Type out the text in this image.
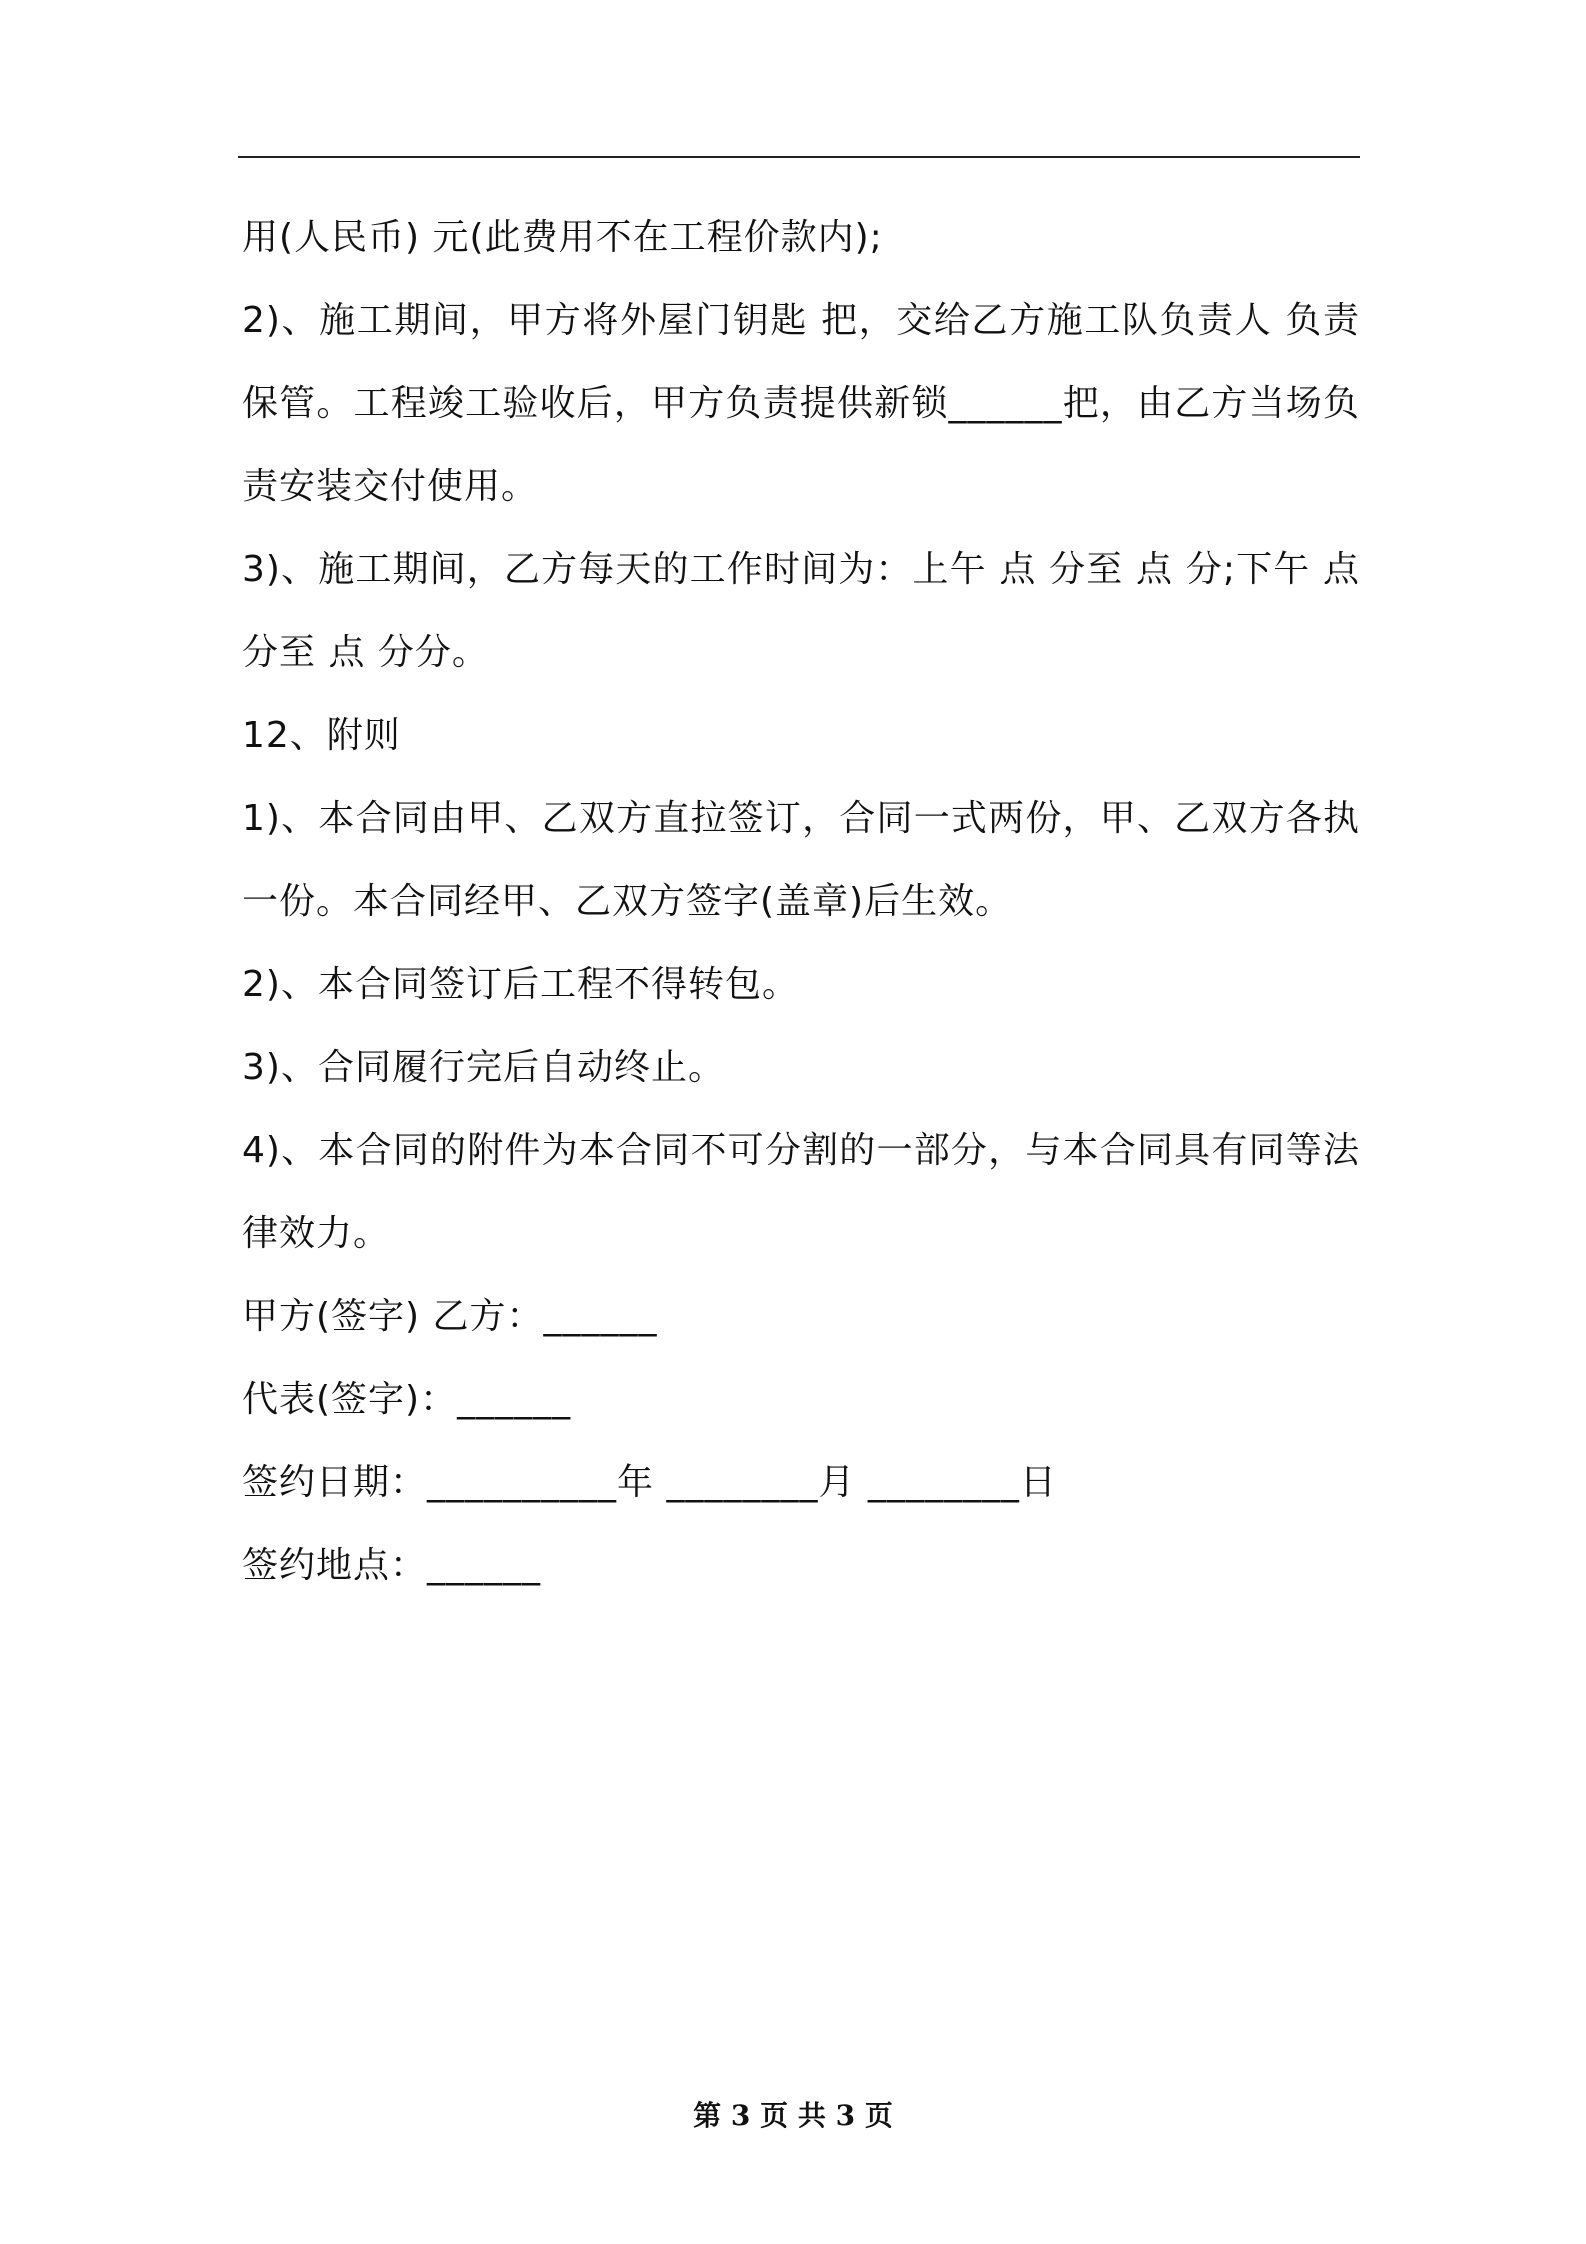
用(人民币) 元(此费用不在工程价款内);

2)、施工期间，甲方将外屋门钥匙 把，交给乙方施工队负责人 负责

保管。工程竣工验收后，甲方负责提供新锁______把，由乙方当场负

责安装交付使用。

3)、施工期间，乙方每天的工作时间为：上午 点 分至 点 分;下午 点

分至 点 分分。

12、附则

1)、本合同由甲、乙双方直拉签订，合同一式两份，甲、乙双方各执

一份。本合同经甲、乙双方签字(盖章)后生效。

2)、本合同签订后工程不得转包。

3)、合同履行完后自动终止。

4)、本合同的附件为本合同不可分割的一部分，与本合同具有同等法

律效力。

甲方(签字) 乙方：______

代表(签字)：______

签约日期：__________年 ________月 ________日

签约地点：______

第 3 页 共 3 页
